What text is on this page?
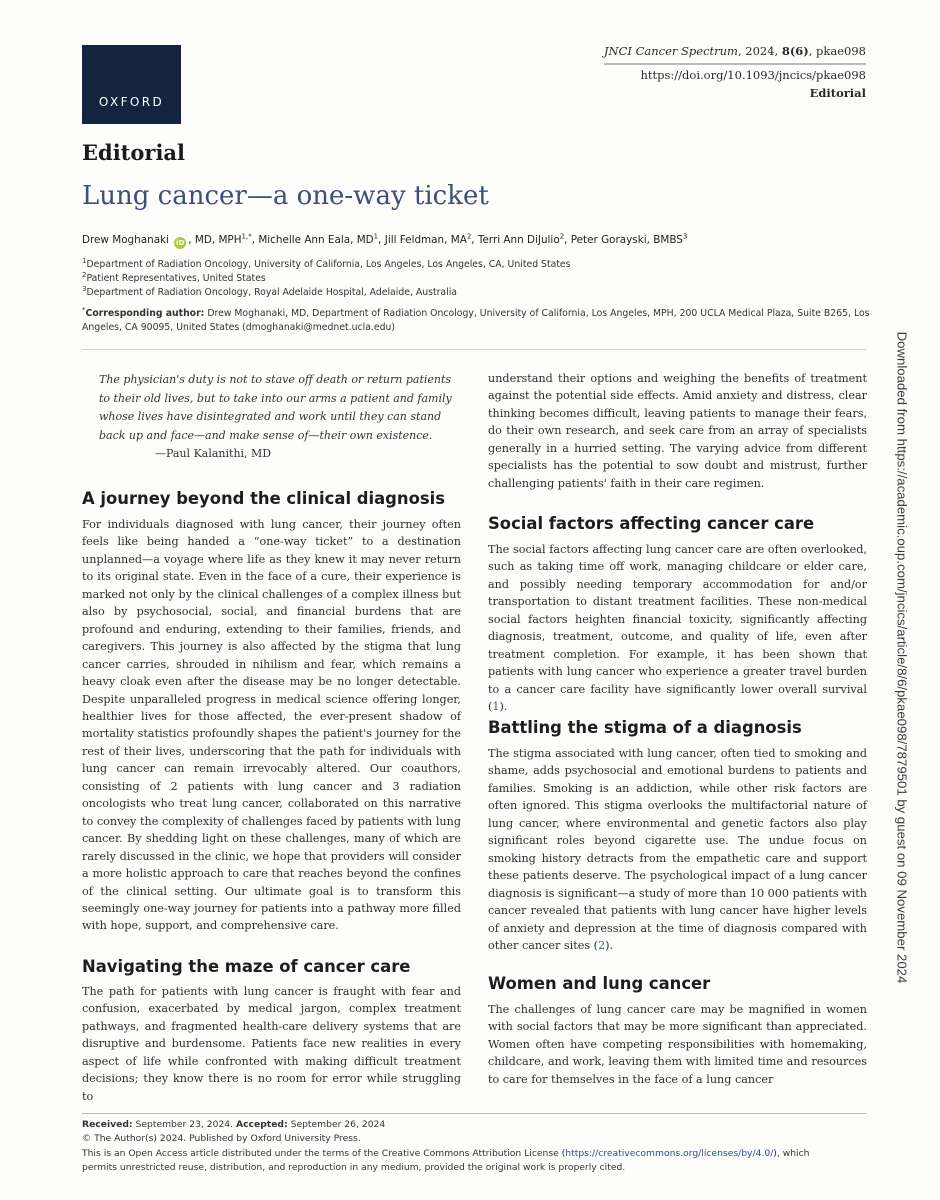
OXFORD
JNCI Cancer Spectrum, 2024, 8(6), pkae098
https://doi.org/10.1093/jncics/pkae098
Editorial
Editorial
Lung cancer—a one-way ticket
Drew Moghanaki iD , MD, $MPH^{1,*}$, Michelle Ann Eala, $MD^1$, Jill Feldman, $MA^2$, Terri Ann DiJulio$^2$, Peter Gorayski, BMBS$^3$
$^1$Department of Radiation Oncology, University of California, Los Angeles, Los Angeles, CA, United States
$^2$Patient Representatives, United States
$^3$Department of Radiation Oncology, Royal Adelaide Hospital, Adelaide, Australia
*Corresponding author: Drew Moghanaki, MD, Department of Radiation Oncology, University of California, Los Angeles, MPH, 200 UCLA Medical Plaza, Suite B265, Los Angeles, CA 90095, United States (dmoghanaki@mednet.ucla.edu)
The physician's duty is not to stave off death or return patients to their old lives, but to take into our arms a patient and family whose lives have disintegrated and work until they can stand back up and face—and make sense of—their own existence.
—Paul Kalanithi, MD
A journey beyond the clinical diagnosis

For individuals diagnosed with lung cancer, their journey often feels like being handed a “one-way ticket” to a destination unplanned—a voyage where life as they knew it may never return to its original state. Even in the face of a cure, their experience is marked not only by the clinical challenges of a complex illness but also by psychosocial, social, and financial burdens that are profound and enduring, extending to their families, friends, and caregivers. This journey is also affected by the stigma that lung cancer carries, shrouded in nihilism and fear, which remains a heavy cloak even after the disease may be no longer detectable. Despite unparalleled progress in medical science offering longer, healthier lives for those affected, the ever-present shadow of mortality statistics profoundly shapes the patient's journey for the rest of their lives, underscoring that the path for individuals with lung cancer can remain irrevocably altered. Our coauthors, consisting of 2 patients with lung cancer and 3 radiation oncologists who treat lung cancer, collaborated on this narrative to convey the complexity of challenges faced by patients with lung cancer. By shedding light on these challenges, many of which are rarely discussed in the clinic, we hope that providers will consider a more holistic approach to care that reaches beyond the confines of the clinical setting. Our ultimate goal is to transform this seemingly one-way journey for patients into a pathway more filled with hope, support, and comprehensive care.

Navigating the maze of cancer care

The path for patients with lung cancer is fraught with fear and confusion, exacerbated by medical jargon, complex treatment pathways, and fragmented health-care delivery systems that are disruptive and burdensome. Patients face new realities in every aspect of life while confronted with making difficult treatment decisions; they know there is no room for error while struggling to

understand their options and weighing the benefits of treatment against the potential side effects. Amid anxiety and distress, clear thinking becomes difficult, leaving patients to manage their fears, do their own research, and seek care from an array of specialists generally in a hurried setting. The varying advice from different specialists has the potential to sow doubt and mistrust, further challenging patients' faith in their care regimen.

Social factors affecting cancer care

The social factors affecting lung cancer care are often overlooked, such as taking time off work, managing childcare or elder care, and possibly needing temporary accommodation for and/or transportation to distant treatment facilities. These non-medical social factors heighten financial toxicity, significantly affecting diagnosis, treatment, outcome, and quality of life, even after treatment completion. For example, it has been shown that patients with lung cancer who experience a greater travel burden to a cancer care facility have significantly lower overall survival (1).

Battling the stigma of a diagnosis

The stigma associated with lung cancer, often tied to smoking and shame, adds psychosocial and emotional burdens to patients and families. Smoking is an addiction, while other risk factors are often ignored. This stigma overlooks the multifactorial nature of lung cancer, where environmental and genetic factors also play significant roles beyond cigarette use. The undue focus on smoking history detracts from the empathetic care and support these patients deserve. The psychological impact of a lung cancer diagnosis is significant—a study of more than 10 000 patients with cancer revealed that patients with lung cancer have higher levels of anxiety and depression at the time of diagnosis compared with other cancer sites (2).

Women and lung cancer

The challenges of lung cancer care may be magnified in women with social factors that may be more significant than appreciated. Women often have competing responsibilities with homemaking, childcare, and work, leaving them with limited time and resources to care for themselves in the face of a lung cancer

Received: September 23, 2024. Accepted: September 26, 2024
© The Author(s) 2024. Published by Oxford University Press.
This is an Open Access article distributed under the terms of the Creative Commons Attribution License (https://creativecommons.org/licenses/by/4.0/), which
permits unrestricted reuse, distribution, and reproduction in any medium, provided the original work is properly cited.
Downloaded from https://academic.oup.com/jncics/article/8/6/pkae098/7879501 by guest on 09 November 2024
